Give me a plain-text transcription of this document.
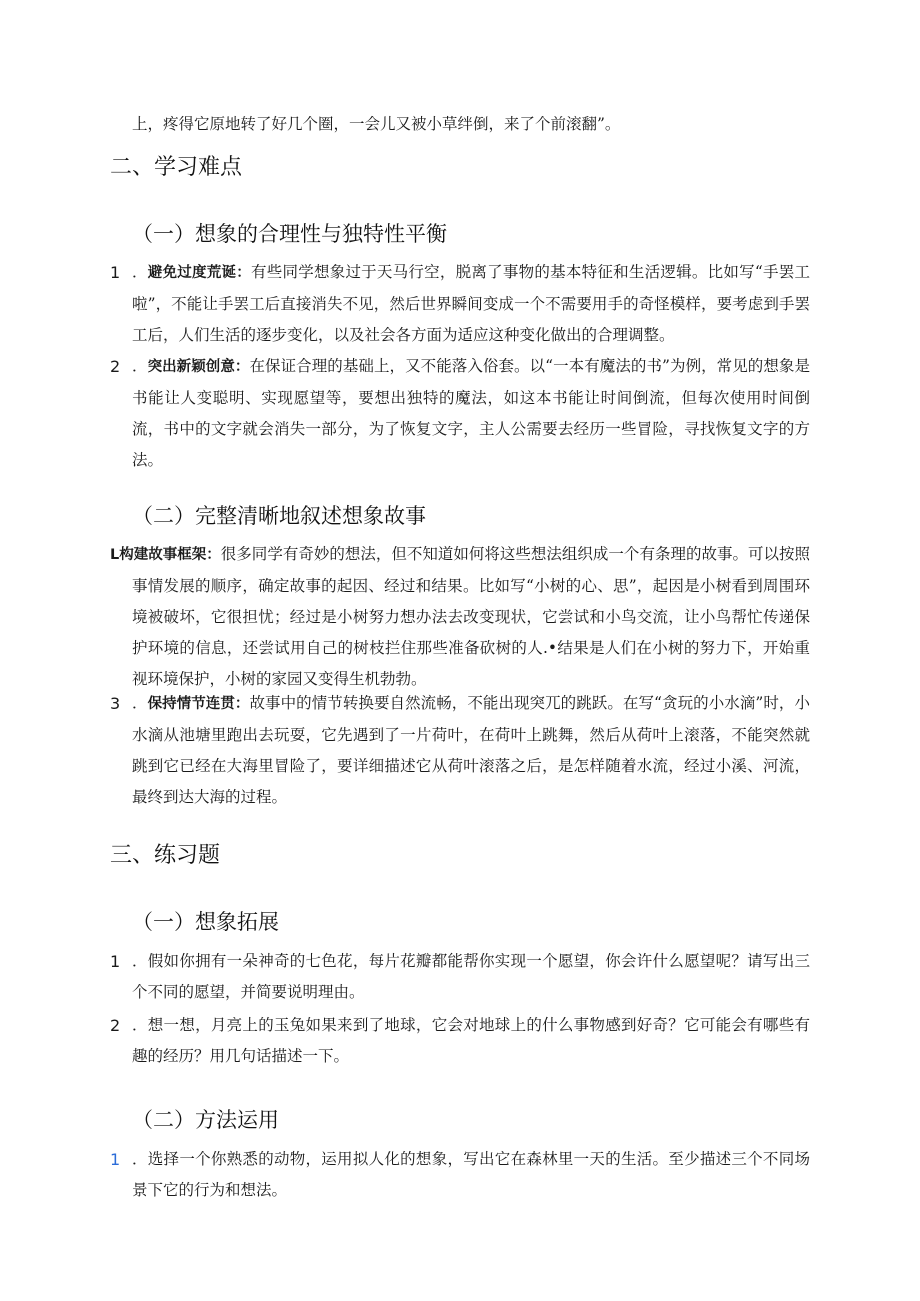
上，疼得它原地转了好几个圈，一会儿又被小草绊倒，来了个前滚翻”。

二、学习难点
（一）想象的合理性与独特性平衡
1 ．避免过度荒诞：有些同学想象过于天马行空，脱离了事物的基本特征和生活逻辑。比如写“手罢工啦”，不能让手罢工后直接消失不见，然后世界瞬间变成一个不需要用手的奇怪模样，要考虑到手罢工后，人们生活的逐步变化，以及社会各方面为适应这种变化做出的合理调整。

2 ．突出新颖创意：在保证合理的基础上，又不能落入俗套。以“一本有魔法的书”为例，常见的想象是书能让人变聪明、实现愿望等，要想出独特的魔法，如这本书能让时间倒流，但每次使用时间倒流，书中的文字就会消失一部分，为了恢复文字，主人公需要去经历一些冒险，寻找恢复文字的方法。

（二）完整清晰地叙述想象故事

L构建故事框架：很多同学有奇妙的想法，但不知道如何将这些想法组织成一个有条理的故事。可以按照事情发展的顺序，确定故事的起因、经过和结果。比如写“小树的心、思”，起因是小树看到周围环境被破坏，它很担忧；经过是小树努力想办法去改变现状，它尝试和小鸟交流，让小鸟帮忙传递保护环境的信息，还尝试用自己的树枝拦住那些准备砍树的人.•结果是人们在小树的努力下，开始重视环境保护，小树的家园又变得生机勃勃。

3 ．保持情节连贯：故事中的情节转换要自然流畅，不能出现突兀的跳跃。在写“贪玩的小水滴”时，小水滴从池塘里跑出去玩耍，它先遇到了一片荷叶，在荷叶上跳舞，然后从荷叶上滚落，不能突然就跳到它已经在大海里冒险了，要详细描述它从荷叶滚落之后，是怎样随着水流，经过小溪、河流，最终到达大海的过程。

三、练习题
（一）想象拓展
1 ．假如你拥有一朵神奇的七色花，每片花瓣都能帮你实现一个愿望，你会许什么愿望呢？请写出三个不同的愿望，并简要说明理由。

2 ．想一想，月亮上的玉兔如果来到了地球，它会对地球上的什么事物感到好奇？它可能会有哪些有趣的经历？用几句话描述一下。

（二）方法运用
1 ．选择一个你熟悉的动物，运用拟人化的想象，写出它在森林里一天的生活。至少描述三个不同场景下它的行为和想法。
